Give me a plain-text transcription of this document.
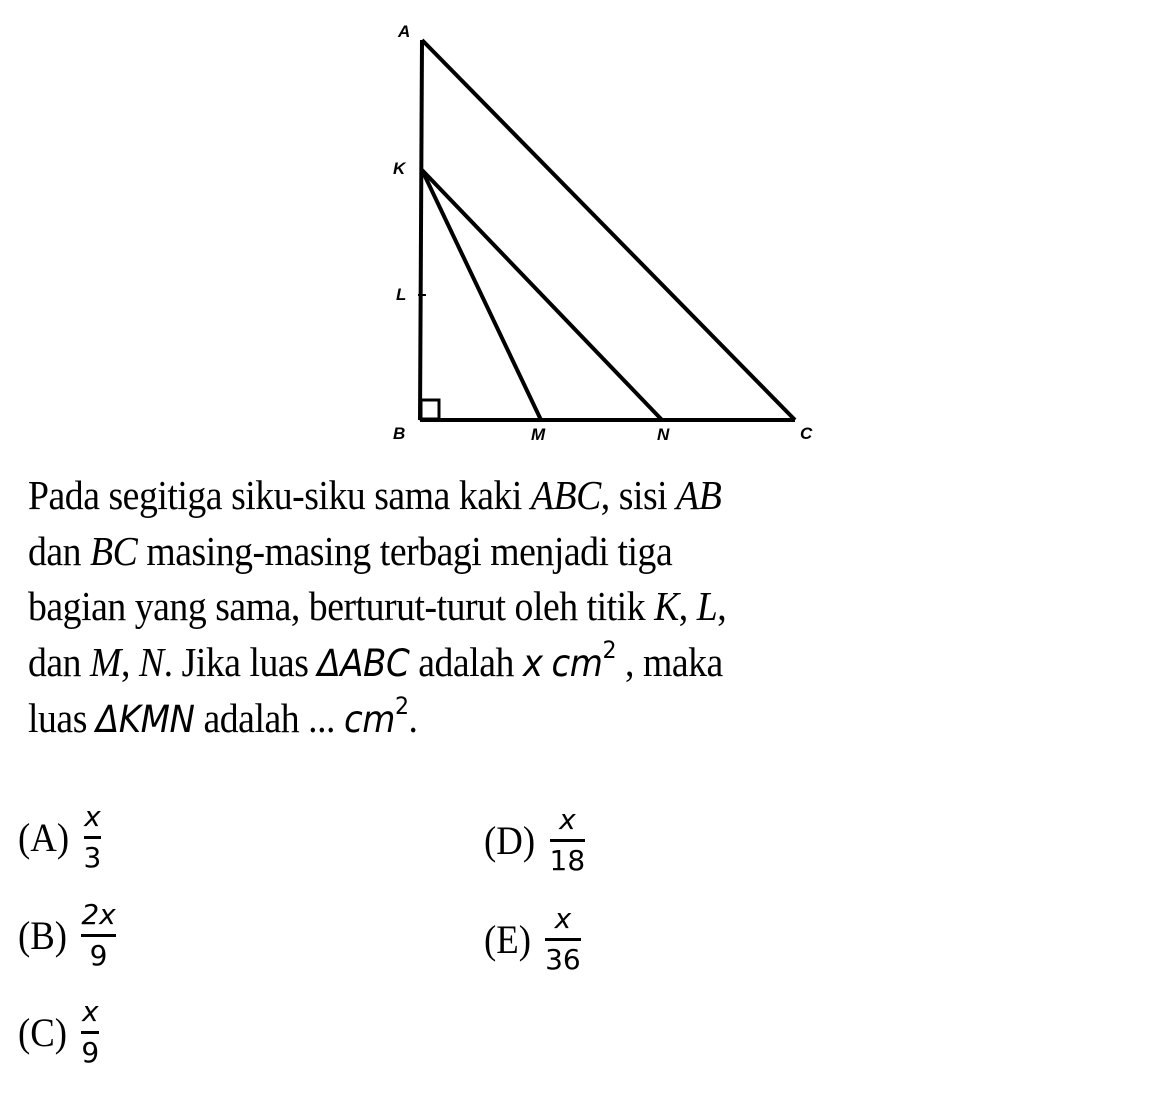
A
K
L
B	M	N	C
Pada segitiga siku-siku sama kaki ABC, sisi AB
dan BC masing-masing terbagi menjadi tiga
bagian yang sama, berturut-turut oleh titik K, L,
dan M, N. Jika luas ΔABC adalah x $cm^2$ , maka
luas ΔKMN adalah ... $cm^2$.
$(A) \frac{x}{3}$
$(B) \frac{2x}{9}$
$(C) \frac{x}{9}$
$(D) \frac{x}{18}$
$(E) \frac{x}{36}$
